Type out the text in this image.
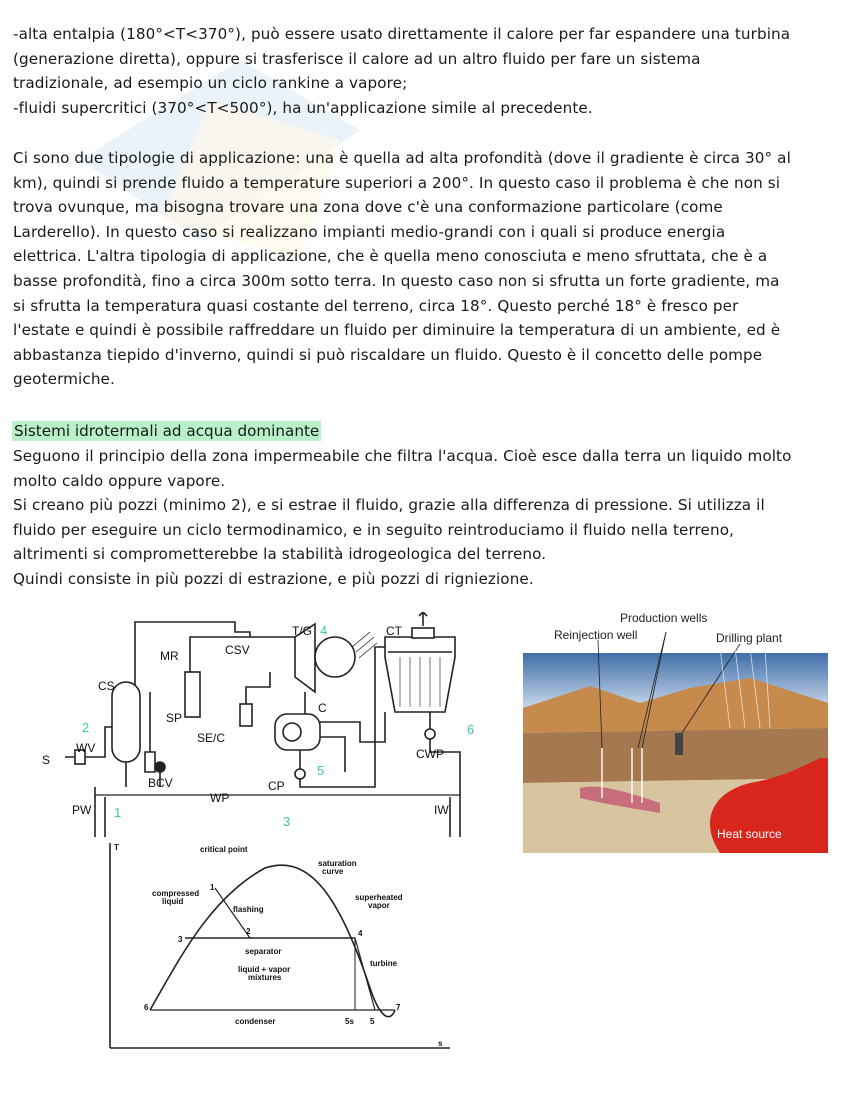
-alta entalpia (180°<T<370°), può essere usato direttamente il calore per far espandere una turbina
(generazione diretta), oppure si trasferisce il calore ad un altro fluido per fare un sistema
tradizionale, ad esempio un ciclo rankine a vapore;
-fluidi supercritici (370°<T<500°), ha un'applicazione simile al precedente.
Ci sono due tipologie di applicazione: una è quella ad alta profondità (dove il gradiente è circa 30° al
km), quindi si prende fluido a temperature superiori a 200°. In questo caso il problema è che non si
trova ovunque, ma bisogna trovare una zona dove c'è una conformazione particolare (come
Larderello). In questo caso si realizzano impianti medio-grandi con i quali si produce energia
elettrica. L'altra tipologia di applicazione, che è quella meno conosciuta e meno sfruttata, che è a
basse profondità, fino a circa 300m sotto terra. In questo caso non si sfrutta un forte gradiente, ma
si sfrutta la temperatura quasi costante del terreno, circa 18°. Questo perché 18° è fresco per
l'estate e quindi è possibile raffreddare un fluido per diminuire la temperatura di un ambiente, ed è
abbastanza tiepido d'inverno, quindi si può riscaldare un fluido. Questo è il concetto delle pompe
geotermiche.
Sistemi idrotermali ad acqua dominante
Seguono il principio della zona impermeabile che filtra l'acqua. Cioè esce dalla terra un liquido molto
molto caldo oppure vapore.
Si creano più pozzi (minimo 2), e si estrae il fluido, grazie alla differenza di pressione. Si utilizza il
fluido per eseguire un ciclo termodinamico, e in seguito reintroduciamo il fluido nella terreno,
altrimenti si comprometterebbe la stabilità idrogeologica del terreno.
Quindi consiste in più pozzi di estrazione, e più pozzi di rigniezione.
T/G	CT
MR	CSV
CS
SP
C
SE/C
WV
S
BCV
WP
CP
CWP
PW	IW
1
2
3
4
5
6
T
s
critical point
saturation
curve
compressed
liquid	superheated
vapor
flashing
separator
liquid + vapor
mixtures
turbine
condenser
1
2
3
4
5s 5
6	7
Production wells
Reinjection well	Drilling plant
Heat source
